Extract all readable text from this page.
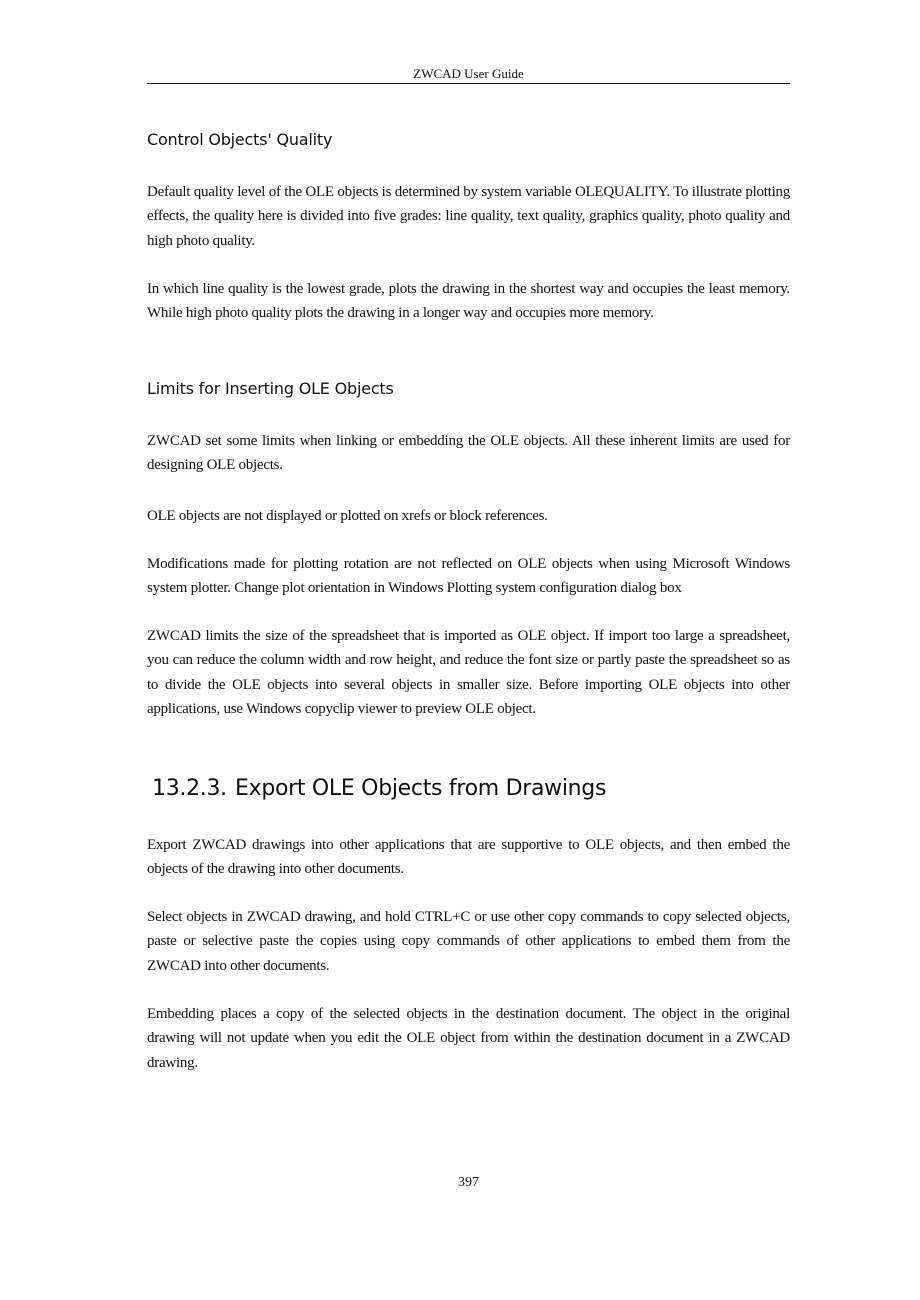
ZWCAD User Guide
Control Objects' Quality

Default quality level of the OLE objects is determined by system variable OLEQUALITY. To illustrate plotting effects, the quality here is divided into five grades: line quality, text quality, graphics quality, photo quality and high photo quality.

In which line quality is the lowest grade, plots the drawing in the shortest way and occupies the least memory. While high photo quality plots the drawing in a longer way and occupies more memory.

Limits for Inserting OLE Objects

ZWCAD set some limits when linking or embedding the OLE objects. All these inherent limits are used for designing OLE objects.

OLE objects are not displayed or plotted on xrefs or block references.

Modifications made for plotting rotation are not reflected on OLE objects when using Microsoft Windows system plotter. Change plot orientation in Windows Plotting system configuration dialog box

ZWCAD limits the size of the spreadsheet that is imported as OLE object. If import too large a spreadsheet, you can reduce the column width and row height, and reduce the font size or partly paste the spreadsheet so as to divide the OLE objects into several objects in smaller size. Before importing OLE objects into other applications, use Windows copyclip viewer to preview OLE object.

13.2.3. Export OLE Objects from Drawings

Export ZWCAD drawings into other applications that are supportive to OLE objects, and then embed the objects of the drawing into other documents.

Select objects in ZWCAD drawing, and hold CTRL+C or use other copy commands to copy selected objects, paste or selective paste the copies using copy commands of other applications to embed them from the ZWCAD into other documents.

Embedding places a copy of the selected objects in the destination document. The object in the original drawing will not update when you edit the OLE object from within the destination document in a ZWCAD drawing.

397
